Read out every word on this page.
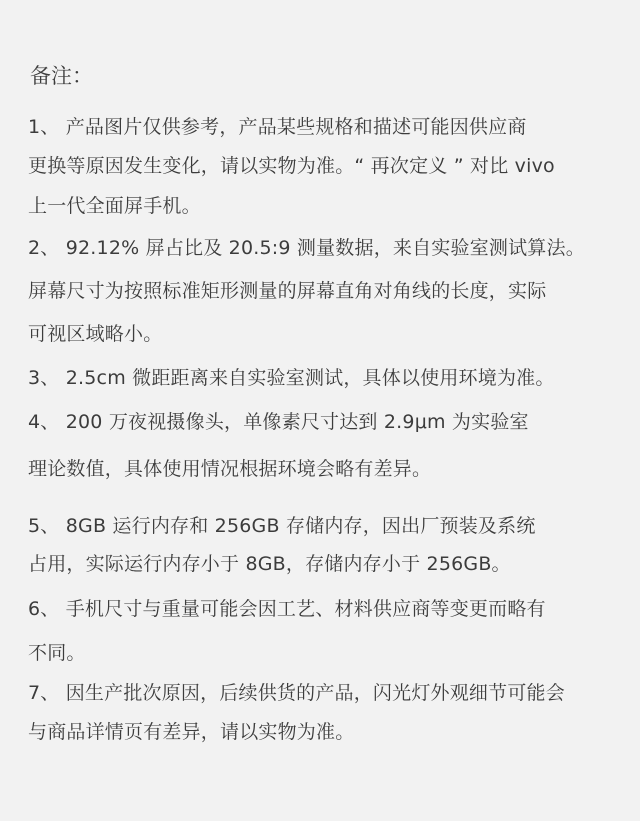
备注：
1、 产品图片仅供参考，产品某些规格和描述可能因供应商
更换等原因发生变化，请以实物为准。“ 再次定义 ” 对比 vivo
上一代全面屏手机。
2、 92.12% 屏占比及 20.5:9 测量数据，来自实验室测试算法。
屏幕尺寸为按照标准矩形测量的屏幕直角对角线的长度，实际
可视区域略小。
3、 2.5cm 微距距离来自实验室测试，具体以使用环境为准。
4、 200 万夜视摄像头，单像素尺寸达到 2.9μm 为实验室
理论数值，具体使用情况根据环境会略有差异。
5、 8GB 运行内存和 256GB 存储内存，因出厂预装及系统
占用，实际运行内存小于 8GB，存储内存小于 256GB。
6、 手机尺寸与重量可能会因工艺、材料供应商等变更而略有
不同。
7、 因生产批次原因，后续供货的产品，闪光灯外观细节可能会
与商品详情页有差异，请以实物为准。
